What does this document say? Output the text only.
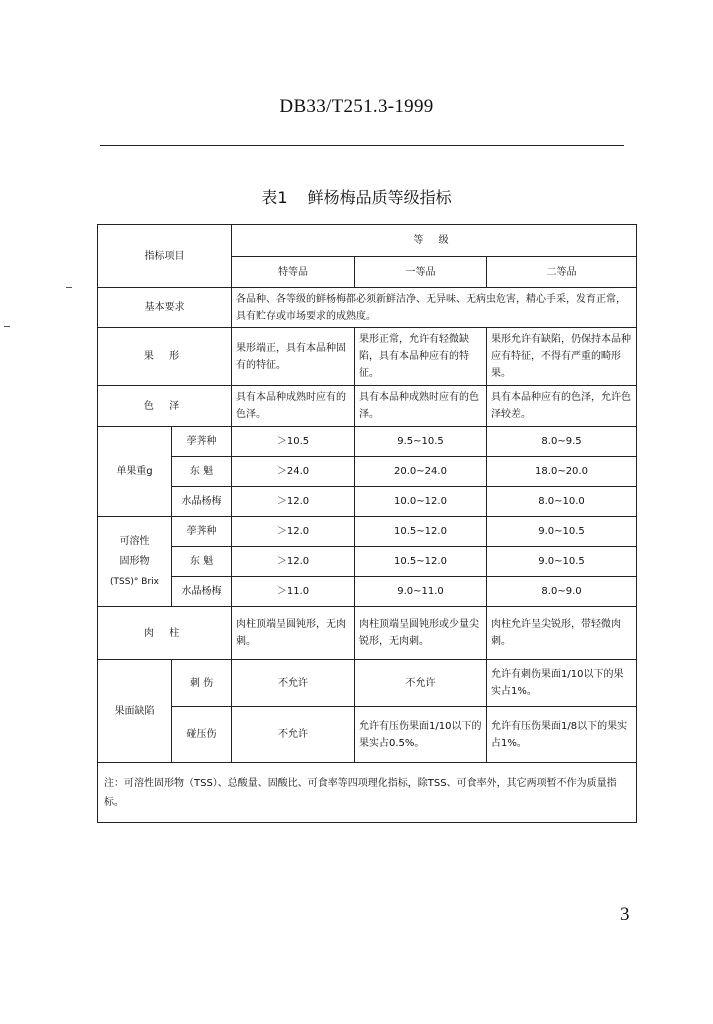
DB33/T251.3-1999
表1 鲜杨梅品质等级指标
指标项目		等 级		
		特等品	一等品	二等品
基本要求		各品种、各等级的鲜杨梅都必须新鲜洁净、无异味、无病虫危害，精心手采，发育正常，具有贮存或市场要求的成熟度。		
果 形		果形端正，具有本品种固有的特征。	果形正常，允许有轻微缺陷，具有本品种应有的特征。	果形允许有缺陷，仍保持本品种应有特征，不得有严重的畸形果。
色 泽		具有本品种成熟时应有的色泽。	具有本品种成熟时应有的色泽。	具有本品种应有的色泽，允许色泽较差。
单果重g	荸荠种	＞10.5	9.5~10.5	8.0~9.5
	东 魁	＞24.0	20.0~24.0	18.0~20.0
	水晶杨梅	＞12.0	10.0~12.0	8.0~10.0

可溶性
固形物
(TSS)° Brix	荸荠种	＞12.0	10.5~12.0	9.0~10.5
	东 魁	＞12.0	10.5~12.0	9.0~10.5
	水晶杨梅	＞11.0	9.0~11.0	8.0~9.0
肉 柱		肉柱顶端呈圆钝形，无肉刺。	肉柱顶端呈圆钝形或少量尖锐形，无肉刺。	肉柱允许呈尖锐形，带轻微肉刺。
果面缺陷	刺 伤	不允许	不允许	允许有刺伤果面1/10以下的果实占1%。
	碰压伤	不允许	允许有压伤果面1/10以下的果实占0.5%。	允许有压伤果面1/8以下的果实占1%。
注：可溶性固形物（TSS）、总酸量、固酸比、可食率等四项理化指标，除TSS、可食率外，其它两项暂不作为质量指标。				
3
